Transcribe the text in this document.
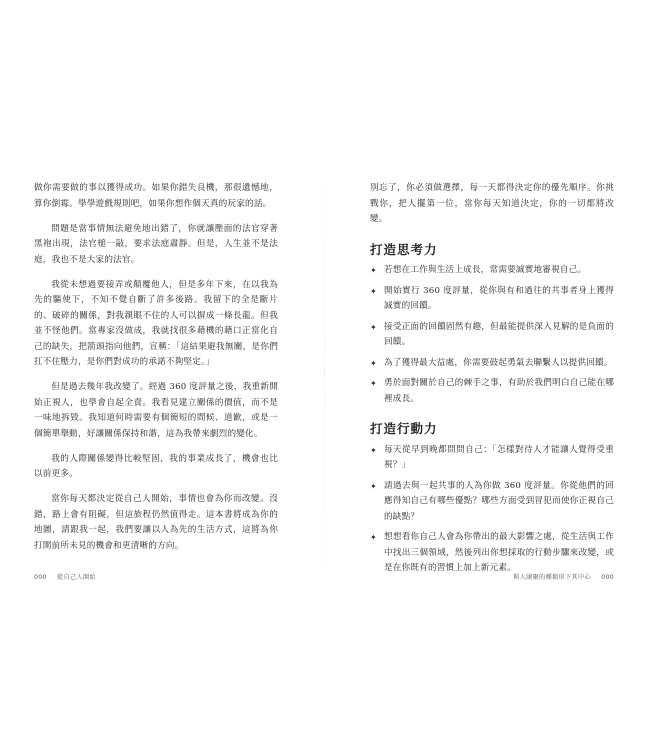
做你需要做的事以獲得成功。如果你錯失良機，那很遺憾地，算你倒霉。學學遊戲規則吧，如果你想作個天真的玩家的話。

問題是當事情無法避免地出錯了，你就讓壓面的法官穿著黑袍出現，法官槌一敲，要求法庭肅靜。但是，人生並不是法庭，我也不是大家的法官。

我從未想過要接弄或顛覆他人，但是多年下來，在以我為先的驅使下，不知不覺自斷了許多後路。我留下的全是斷片的、破碎的關係，對我親眼不住的人可以摒成一條長龍。但我並不怪他們。當專家沒做成，我就找很多藉機的藉口正當化自己的缺失，把箭頭指向他們，宣稱：「這結果避我無關，是你們扛不住壓力，是你們對成功的承諾不夠堅定。」

但是過去幾年我改變了。經過 360 度評量之後，我重新開始正視人，也學會自起全責。我看見建立關係的價值，而不是一味地拆毀。我知道何時需要有個簡短的間候、道歉，或是一個簡單舉動，好讓關係保持和諧，這為我帶來劇烈的變化。

我的人際關係變得比較堅固，我的事業成長了，機會也比以前更多。

當你每天都決定從自己人開始，事情也會為你而改變。沒錯，路上會有阻礙，但這旅程仍然值得走。這本書將成為你的地圖，請跟我一起，我們要讓以人為先的生活方式，這將為你打開前所未見的機會和更清晰的方向。

000 從自己人開始	與人團聚的種類形下其中心 000

別忘了，你必須做選擇，每一天都得決定你的優先順序。你挑戰你，把人擺第一位，當你每天知道決定，你的一切都將改變。

打造思考力
✦ 若想在工作與生活上成長，常需要誠實地審視自己。
✦ 開始實行 360 度評量，從你與有和過往的共事者身上獲得誠實的回饋。
✦ 接受正面的回饋固然有趣，但最能提供深入見解的是負面的回饋。
✦ 為了獲得最大益處，你需要鼓起勇氣去聯繫人以提供回饋。
✦ 勇於面對關於自己的棘手之事，有助於我們明白自己能在哪裡成長。
打造行動力
✦ 每天從早到晚都問問自己：「怎樣對待人才能讓人覺得受重視？」
✦ 請過去與一起共事的人為你做 360 度評量。你從他們的回應得知自己有哪些優點？哪些方面受到冒犯而使你正視自己的缺點？
✦ 想想看你自己人會為你帶出的最大影響之處，從生活與工作中找出三個領域，然後列出你想採取的行動步驟來改變，或是在你既有的習慣上加上新元素。
